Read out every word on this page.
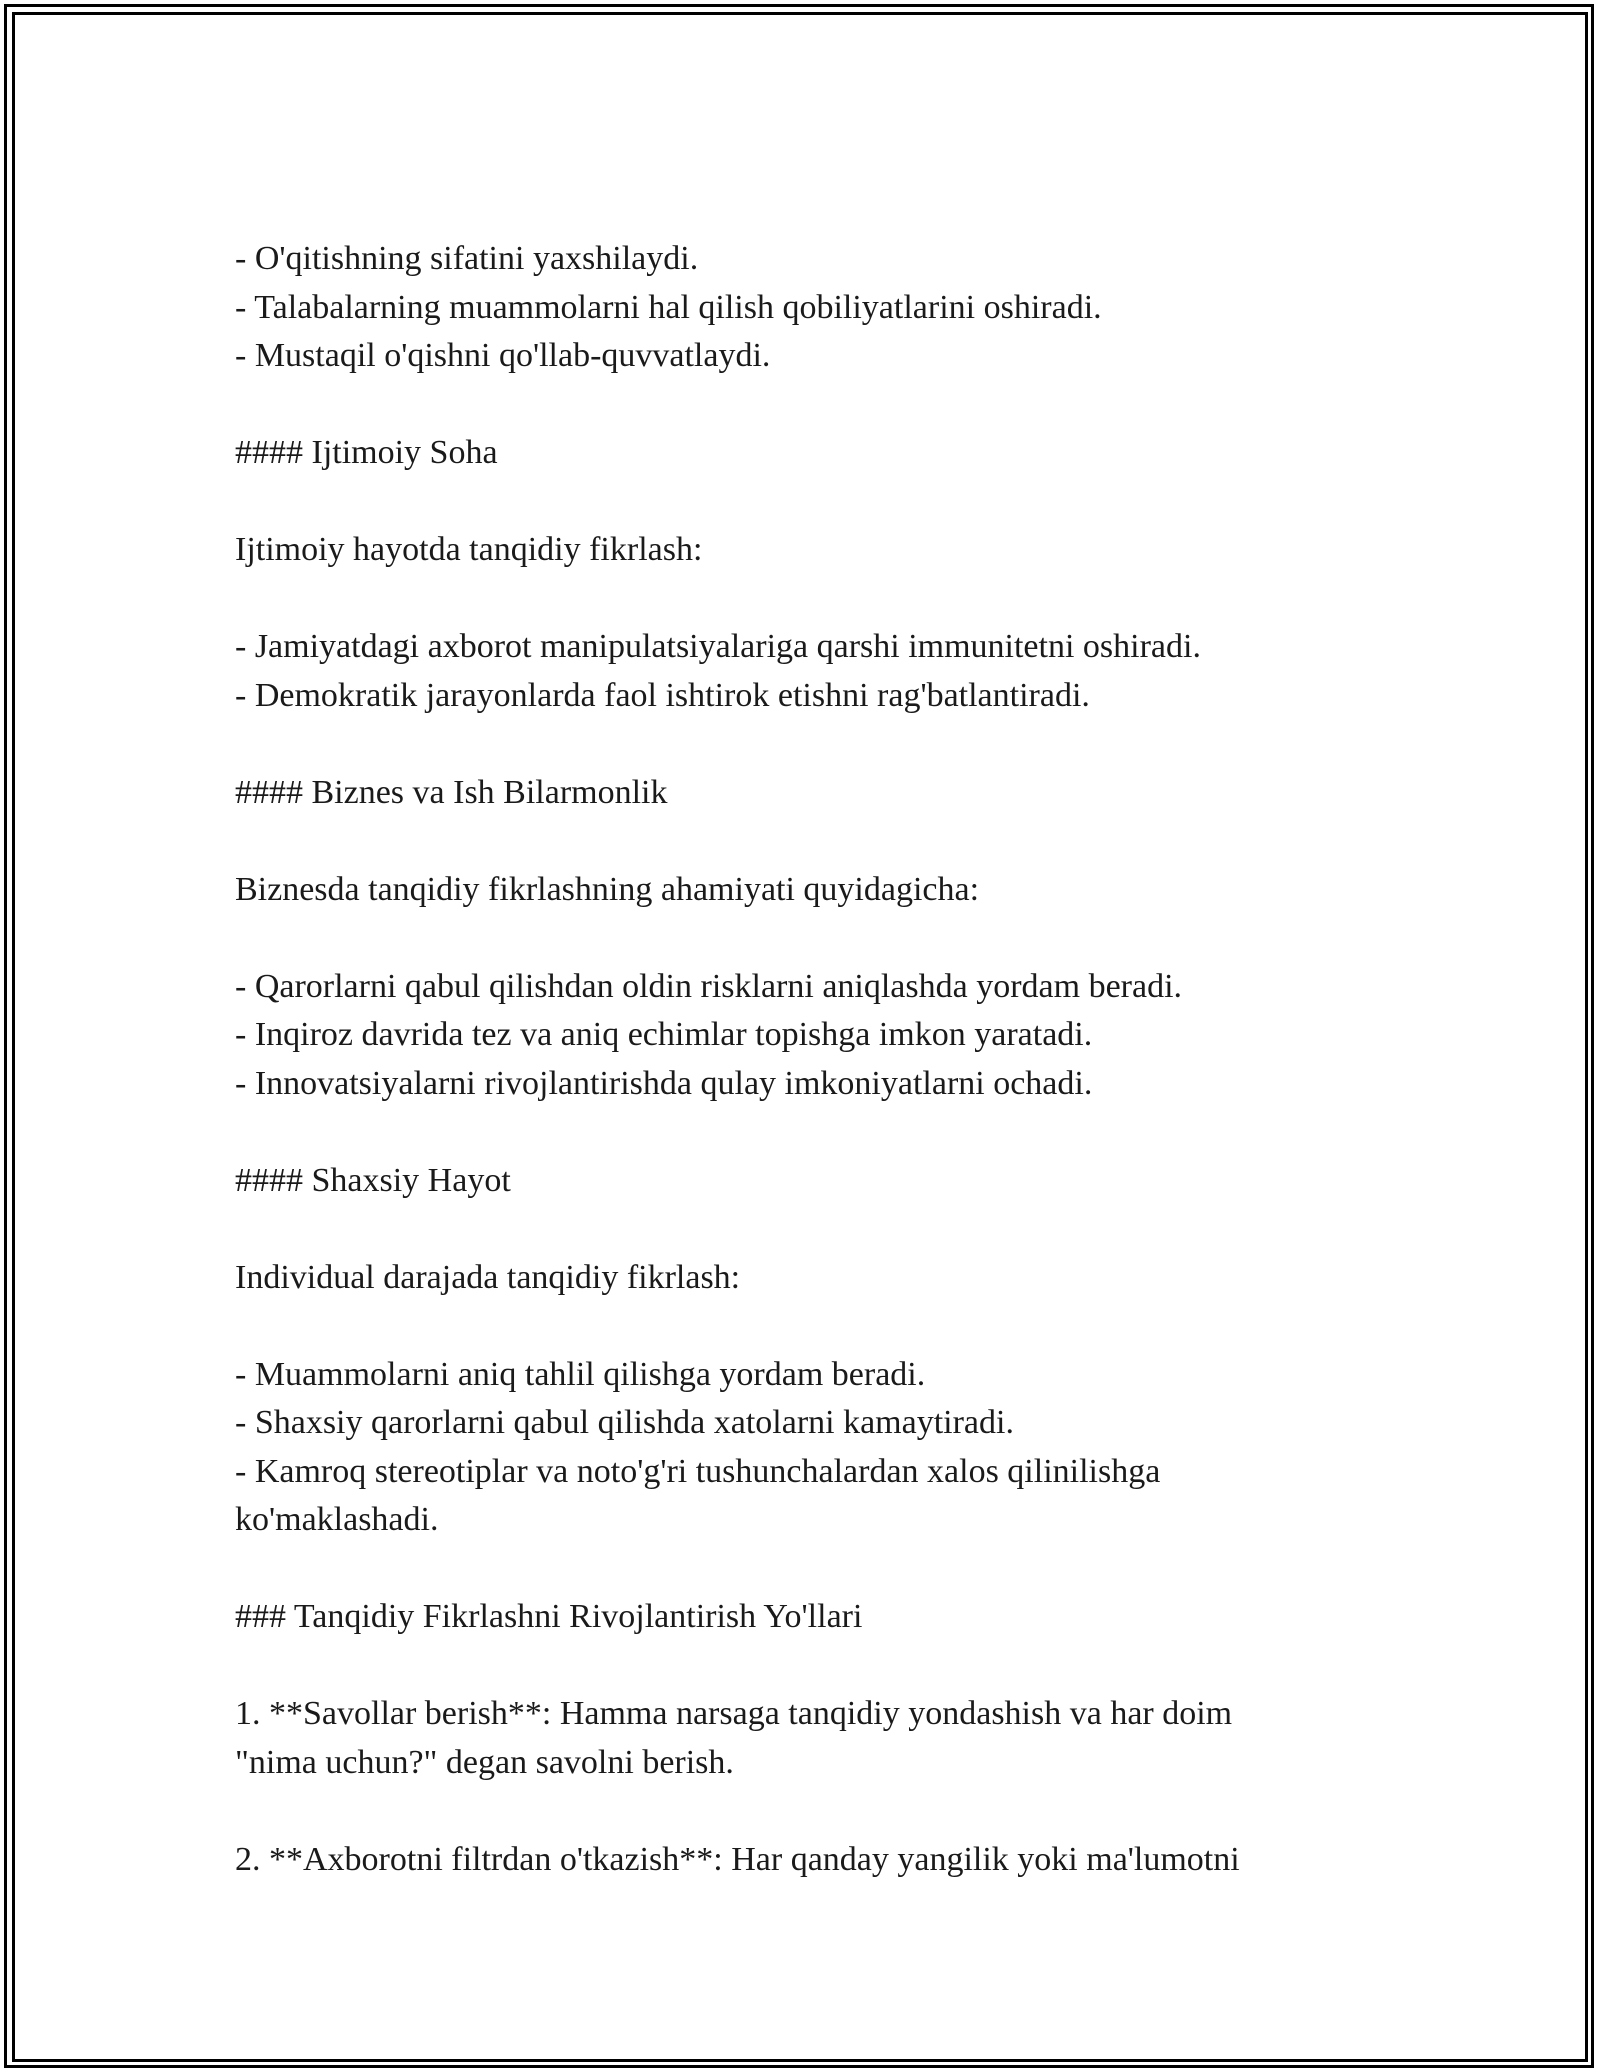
- O'qitishning sifatini yaxshilaydi.
- Talabalarning muammolarni hal qilish qobiliyatlarini oshiradi.
- Mustaqil o'qishni qo'llab-quvvatlaydi.
#### Ijtimoiy Soha
Ijtimoiy hayotda tanqidiy fikrlash:
- Jamiyatdagi axborot manipulatsiyalariga qarshi immunitetni oshiradi.
- Demokratik jarayonlarda faol ishtirok etishni rag'batlantiradi.
#### Biznes va Ish Bilarmonlik
Biznesda tanqidiy fikrlashning ahamiyati quyidagicha:
- Qarorlarni qabul qilishdan oldin risklarni aniqlashda yordam beradi.
- Inqiroz davrida tez va aniq echimlar topishga imkon yaratadi.
- Innovatsiyalarni rivojlantirishda qulay imkoniyatlarni ochadi.
#### Shaxsiy Hayot
Individual darajada tanqidiy fikrlash:
- Muammolarni aniq tahlil qilishga yordam beradi.
- Shaxsiy qarorlarni qabul qilishda xatolarni kamaytiradi.
- Kamroq stereotiplar va noto'g'ri tushunchalardan xalos qilinilishga
ko'maklashadi.
### Tanqidiy Fikrlashni Rivojlantirish Yo'llari
1. **Savollar berish**: Hamma narsaga tanqidiy yondashish va har doim
"nima uchun?" degan savolni berish.
2. **Axborotni filtrdan o'tkazish**: Har qanday yangilik yoki ma'lumotni
